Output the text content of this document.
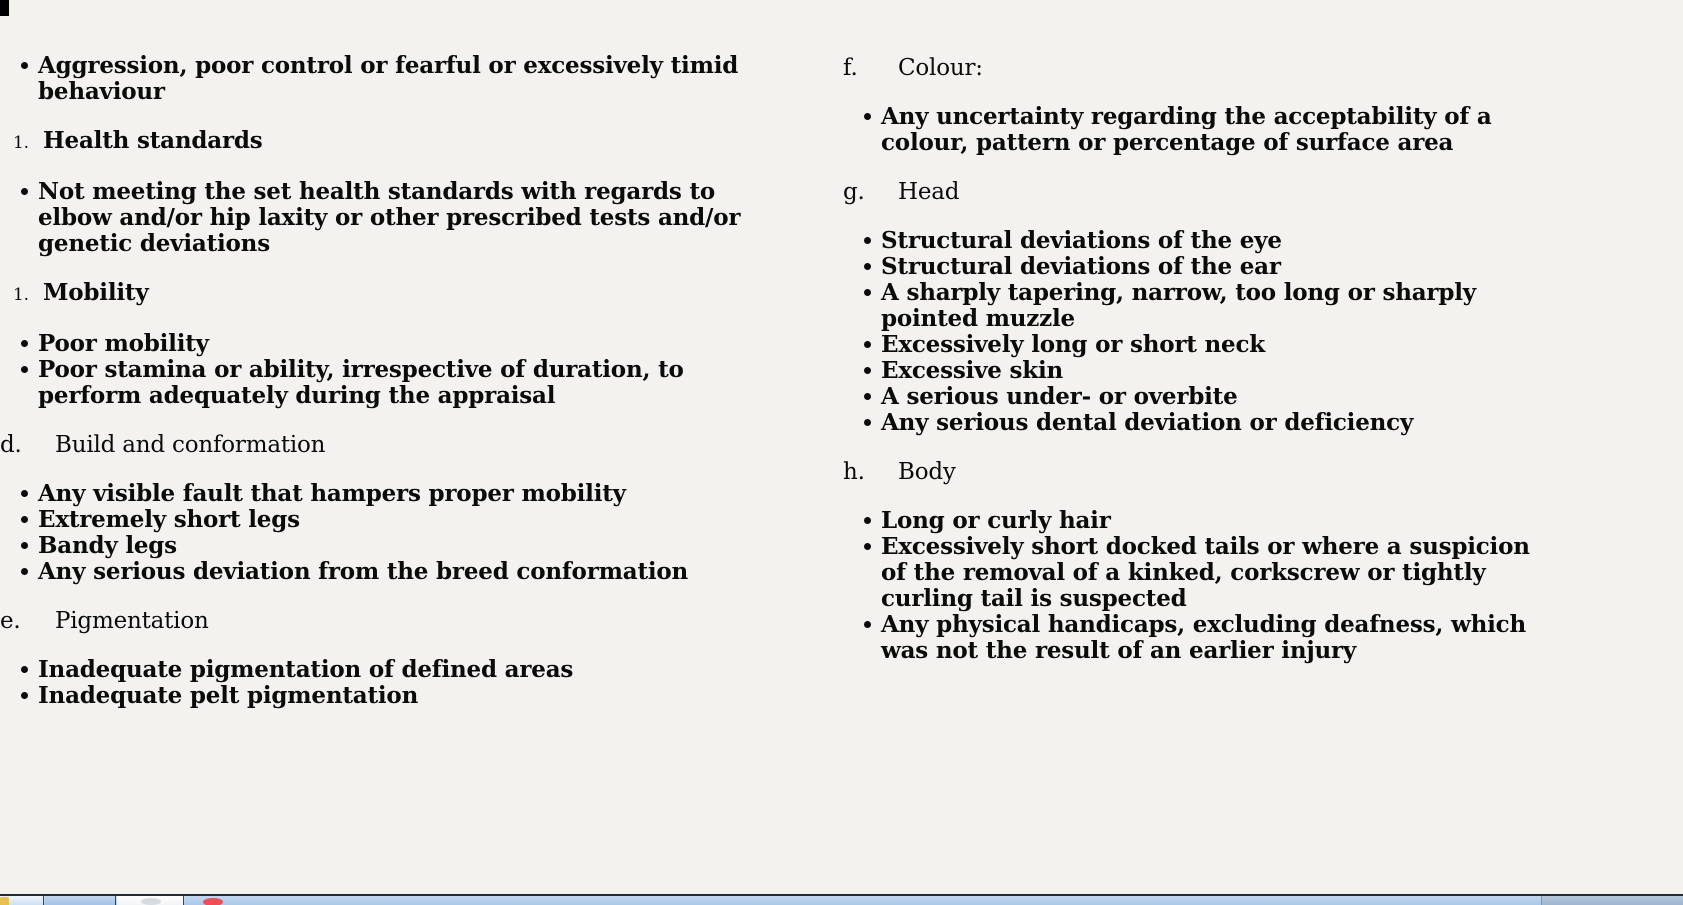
Aggression, poor control or fearful or excessively timid behaviour
1. Health standards
Not meeting the set health standards with regards to elbow and/or hip laxity or other prescribed tests and/or genetic deviations
1. Mobility
Poor mobility
Poor stamina or ability, irrespective of duration, to perform adequately during the appraisal
d.	Build and conformation
Any visible fault that hampers proper mobility
Extremely short legs
Bandy legs
Any serious deviation from the breed conformation
e.	Pigmentation
Inadequate pigmentation of defined areas
Inadequate pelt pigmentation
f.	Colour:
Any uncertainty regarding the acceptability of a colour, pattern or percentage of surface area
g.	Head
Structural deviations of the eye
Structural deviations of the ear
A sharply tapering, narrow, too long or sharply pointed muzzle
Excessively long or short neck
Excessive skin
A serious under- or overbite
Any serious dental deviation or deficiency
h.	Body
Long or curly hair
Excessively short docked tails or where a suspicion of the removal of a kinked, corkscrew or tightly curling tail is suspected
Any physical handicaps, excluding deafness, which was not the result of an earlier injury
